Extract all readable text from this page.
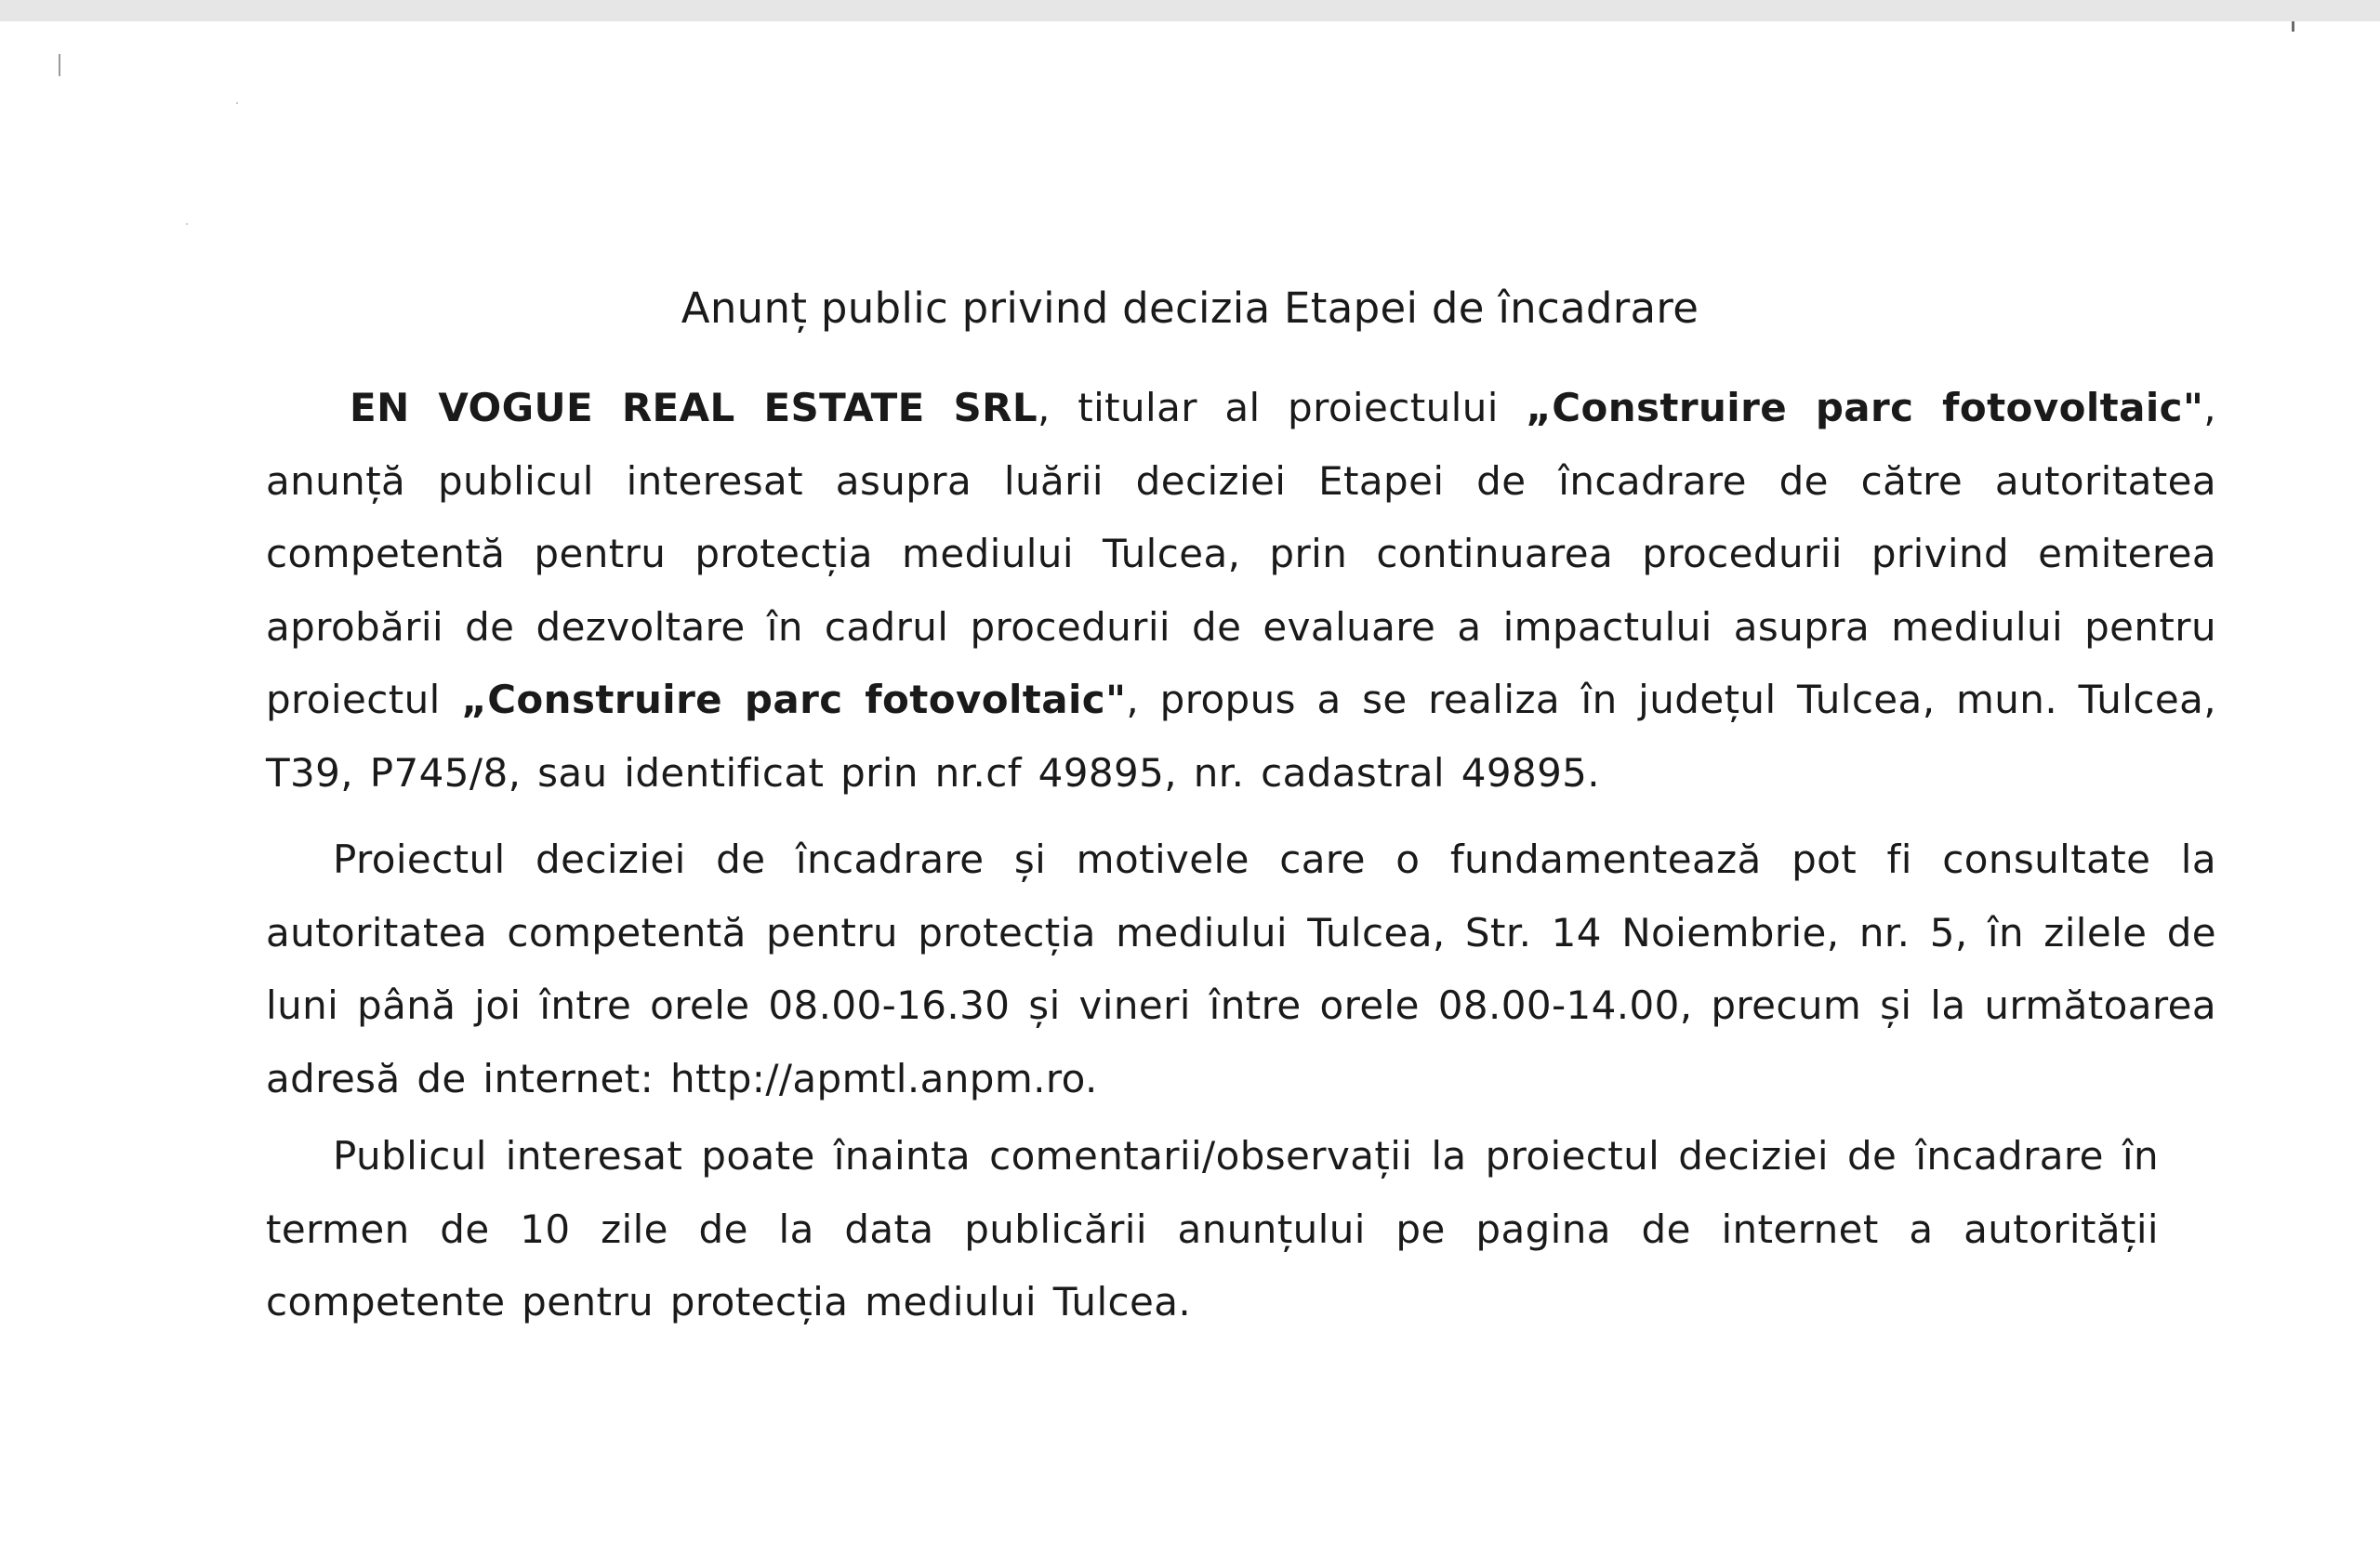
Anunț public privind decizia Etapei de încadrare

EN VOGUE REAL ESTATE SRL, titular al proiectului „Construire parc fotovoltaic", anunță publicul interesat asupra luării deciziei Etapei de încadrare de către autoritatea competentă pentru protecția mediului Tulcea, prin continuarea procedurii privind emiterea aprobării de dezvoltare în cadrul procedurii de evaluare a impactului asupra mediului pentru proiectul „Construire parc fotovoltaic", propus a se realiza în județul Tulcea, mun. Tulcea, T39, P745/8, sau identificat prin nr.cf 49895, nr. cadastral 49895.

Proiectul deciziei de încadrare și motivele care o fundamentează pot fi consultate la autoritatea competentă pentru protecția mediului Tulcea, Str. 14 Noiembrie, nr. 5, în zilele de luni până joi între orele 08.00-16.30 și vineri între orele 08.00-14.00, precum și la următoarea adresă de internet: http://apmtl.anpm.ro.

Publicul interesat poate înainta comentarii/observații la proiectul deciziei de încadrare în termen de 10 zile de la data publicării anunțului pe pagina de internet a autorității competente pentru protecția mediului Tulcea.
